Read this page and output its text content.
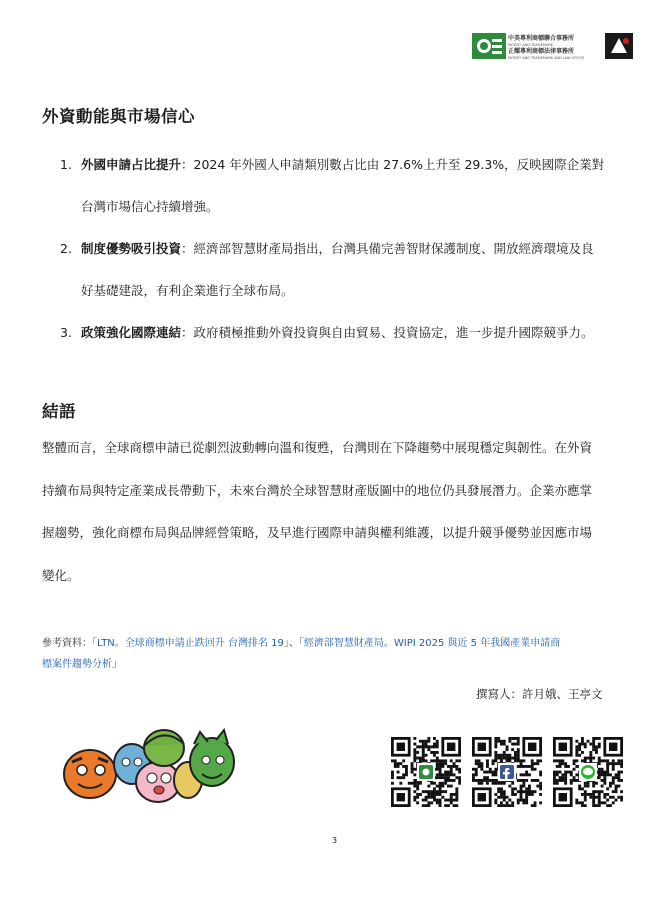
中美專利商標聯合事務所
PATENT AND TRADEMARK
正耀專利商標法律事務所
PATENT AND TRADEMARK AND LAW OFFICE
外資動能與市場信心
1. 外國申請占比提升：2024 年外國人申請類別數占比由 27.6%上升至 29.3%，反映國際企業對
台灣市場信心持續增強。
2. 制度優勢吸引投資：經濟部智慧財產局指出，台灣具備完善智財保護制度、開放經濟環境及良
好基礎建設，有利企業進行全球布局。
3. 政策強化國際連結：政府積極推動外資投資與自由貿易、投資協定，進一步提升國際競爭力。
結語
整體而言，全球商標申請已從劇烈波動轉向溫和復甦，台灣則在下降趨勢中展現穩定與韌性。在外資
持續布局與特定產業成長帶動下，未來台灣於全球智慧財產版圖中的地位仍具發展潛力。企業亦應掌
握趨勢，強化商標布局與品牌經營策略，及早進行國際申請與權利維護，以提升競爭優勢並因應市場
變化。
參考資料：「LTN。全球商標申請止跌回升 台灣排名 19」、「經濟部智慧財產局。WIPI 2025 與近 5 年我國產業申請商
標案件趨勢分析」
撰寫人：許月娥、王亭文
3
